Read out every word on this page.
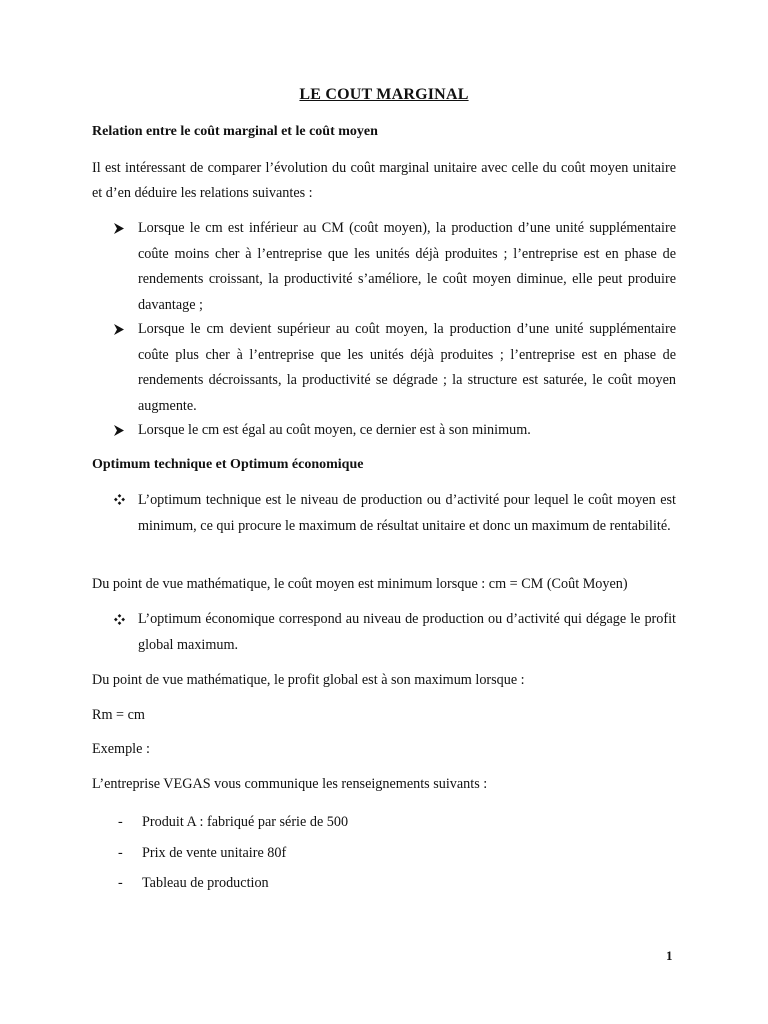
LE COUT MARGINAL
Relation entre le coût marginal et le coût moyen
Il est intéressant de comparer l’évolution du coût marginal unitaire avec celle du coût moyen unitaire et d’en déduire les relations suivantes :
Lorsque le cm est inférieur au CM (coût moyen), la production d’une unité supplémentaire coûte moins cher à l’entreprise que les unités déjà produites ; l’entreprise est en phase de rendements croissant, la productivité s’améliore, le coût moyen diminue, elle peut produire davantage ;
Lorsque le cm devient supérieur au coût moyen, la production d’une unité supplémentaire coûte plus cher à l’entreprise que les unités déjà produites ; l’entreprise est en phase de rendements décroissants, la productivité se dégrade ; la structure est saturée, le coût moyen augmente.
Lorsque le cm est égal au coût moyen, ce dernier est à son minimum.
Optimum technique et Optimum économique
L’optimum technique est le niveau de production ou d’activité pour lequel le coût moyen est minimum, ce qui procure le maximum de résultat unitaire et donc un maximum de rentabilité.
Du point de vue mathématique, le coût moyen est minimum lorsque : cm = CM (Coût Moyen)
L’optimum économique correspond au niveau de production ou d’activité qui dégage le profit global maximum.
Du point de vue mathématique, le profit global est à son maximum lorsque :
Rm = cm
Exemple :
L’entreprise VEGAS vous communique les renseignements suivants :
- Produit A : fabriqué par série de 500
- Prix de vente unitaire 80f
- Tableau de production
1
